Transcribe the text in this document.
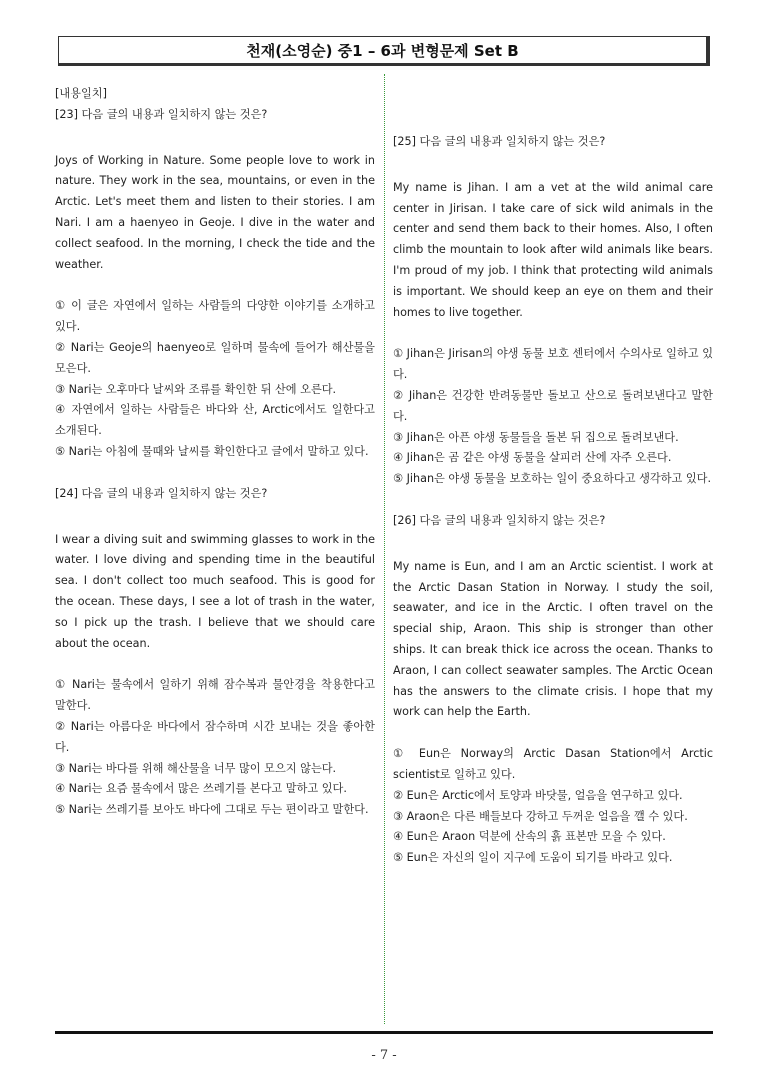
천재(소영순) 중1 – 6과 변형문제 Set B

[내용일치]

[23] 다음 글의 내용과 일치하지 않는 것은?

Joys of Working in Nature. Some people love to work in nature. They work in the sea, mountains, or even in the Arctic. Let's meet them and listen to their stories. I am Nari. I am a haenyeo in Geoje. I dive in the water and collect seafood. In the morning, I check the tide and the weather.

① 이 글은 자연에서 일하는 사람들의 다양한 이야기를 소개하고 있다.

② Nari는 Geoje의 haenyeo로 일하며 물속에 들어가 해산물을 모은다.

③ Nari는 오후마다 날씨와 조류를 확인한 뒤 산에 오른다.

④ 자연에서 일하는 사람들은 바다와 산, Arctic에서도 일한다고 소개된다.

⑤ Nari는 아침에 물때와 날씨를 확인한다고 글에서 말하고 있다.

[24] 다음 글의 내용과 일치하지 않는 것은?

I wear a diving suit and swimming glasses to work in the water. I love diving and spending time in the beautiful sea. I don't collect too much seafood. This is good for the ocean. These days, I see a lot of trash in the water, so I pick up the trash. I believe that we should care about the ocean.

① Nari는 물속에서 일하기 위해 잠수복과 물안경을 착용한다고 말한다.

② Nari는 아름다운 바다에서 잠수하며 시간 보내는 것을 좋아한다.

③ Nari는 바다를 위해 해산물을 너무 많이 모으지 않는다.

④ Nari는 요즘 물속에서 많은 쓰레기를 본다고 말하고 있다.

⑤ Nari는 쓰레기를 보아도 바다에 그대로 두는 편이라고 말한다.

[25] 다음 글의 내용과 일치하지 않는 것은?

My name is Jihan. I am a vet at the wild animal care center in Jirisan. I take care of sick wild animals in the center and send them back to their homes. Also, I often climb the mountain to look after wild animals like bears. I'm proud of my job. I think that protecting wild animals is important. We should keep an eye on them and their homes to live together.

① Jihan은 Jirisan의 야생 동물 보호 센터에서 수의사로 일하고 있다.

② Jihan은 건강한 반려동물만 돌보고 산으로 돌려보낸다고 말한다.

③ Jihan은 아픈 야생 동물들을 돌본 뒤 집으로 돌려보낸다.

④ Jihan은 곰 같은 야생 동물을 살피러 산에 자주 오른다.

⑤ Jihan은 야생 동물을 보호하는 일이 중요하다고 생각하고 있다.

[26] 다음 글의 내용과 일치하지 않는 것은?

My name is Eun, and I am an Arctic scientist. I work at the Arctic Dasan Station in Norway. I study the soil, seawater, and ice in the Arctic. I often travel on the special ship, Araon. This ship is stronger than other ships. It can break thick ice across the ocean. Thanks to Araon, I can collect seawater samples. The Arctic Ocean has the answers to the climate crisis. I hope that my work can help the Earth.

① Eun은 Norway의 Arctic Dasan Station에서 Arctic scientist로 일하고 있다.

② Eun은 Arctic에서 토양과 바닷물, 얼음을 연구하고 있다.

③ Araon은 다른 배들보다 강하고 두꺼운 얼음을 깰 수 있다.

④ Eun은 Araon 덕분에 산속의 흙 표본만 모을 수 있다.

⑤ Eun은 자신의 일이 지구에 도움이 되기를 바라고 있다.

- 7 -
